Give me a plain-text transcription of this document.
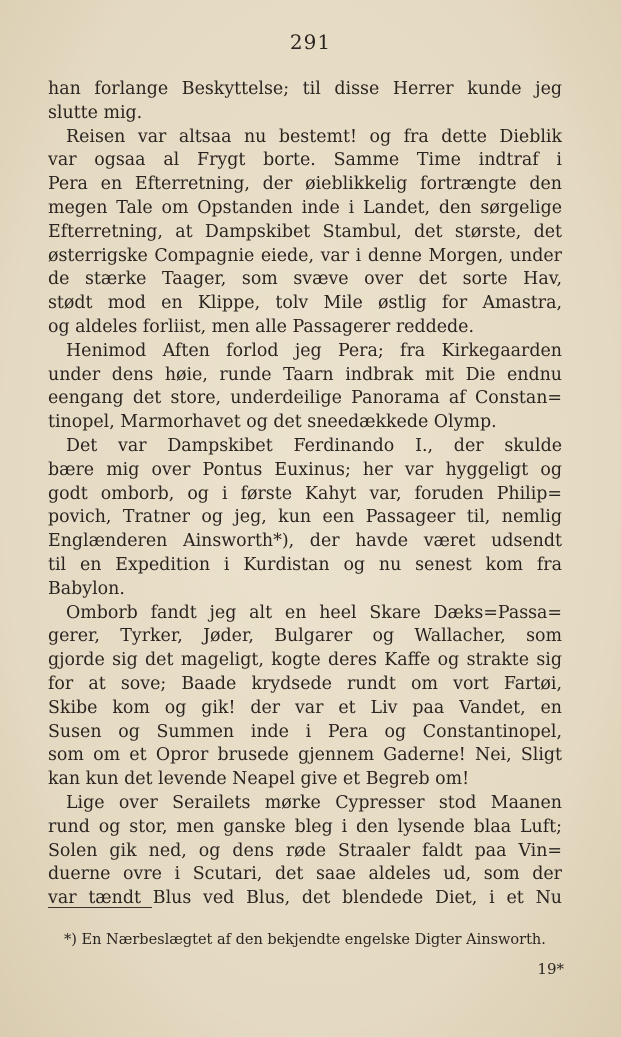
291
han forlange Beskyttelse; til disse Herrer kunde jeg
slutte mig.
Reisen var altsaa nu bestemt! og fra dette Dieblik
var ogsaa al Frygt borte. Samme Time indtraf i
Pera en Efterretning, der øieblikkelig fortrængte den
megen Tale om Opstanden inde i Landet, den sørgelige
Efterretning, at Dampskibet Stambul, det største, det
østerrigske Compagnie eiede, var i denne Morgen, under
de stærke Taager, som svæve over det sorte Hav,
stødt mod en Klippe, tolv Mile østlig for Amastra,
og aldeles forliist, men alle Passagerer reddede.
Henimod Aften forlod jeg Pera; fra Kirkegaarden
under dens høie, runde Taarn indbrak mit Die endnu
eengang det store, underdeilige Panorama af Constan=
tinopel, Marmorhavet og det sneedækkede Olymp.
Det var Dampskibet Ferdinando I., der skulde
bære mig over Pontus Euxinus; her var hyggeligt og
godt omborb, og i første Kahyt var, foruden Philip=
povich, Tratner og jeg, kun een Passageer til, nemlig
Englænderen Ainsworth*), der havde været udsendt
til en Expedition i Kurdistan og nu senest kom fra
Babylon.
Omborb fandt jeg alt en heel Skare Dæks=Passa=
gerer, Tyrker, Jøder, Bulgarer og Wallacher, som
gjorde sig det mageligt, kogte deres Kaffe og strakte sig
for at sove; Baade krydsede rundt om vort Fartøi,
Skibe kom og gik! der var et Liv paa Vandet, en
Susen og Summen inde i Pera og Constantinopel,
som om et Opror brusede gjennem Gaderne! Nei, Sligt
kan kun det levende Neapel give et Begreb om!
Lige over Serailets mørke Cypresser stod Maanen
rund og stor, men ganske bleg i den lysende blaa Luft;
Solen gik ned, og dens røde Straaler faldt paa Vin=
duerne ovre i Scutari, det saae aldeles ud, som der
var tændt Blus ved Blus, det blendede Diet, i et Nu
*) En Nærbeslægtet af den bekjendte engelske Digter Ainsworth.
19*
